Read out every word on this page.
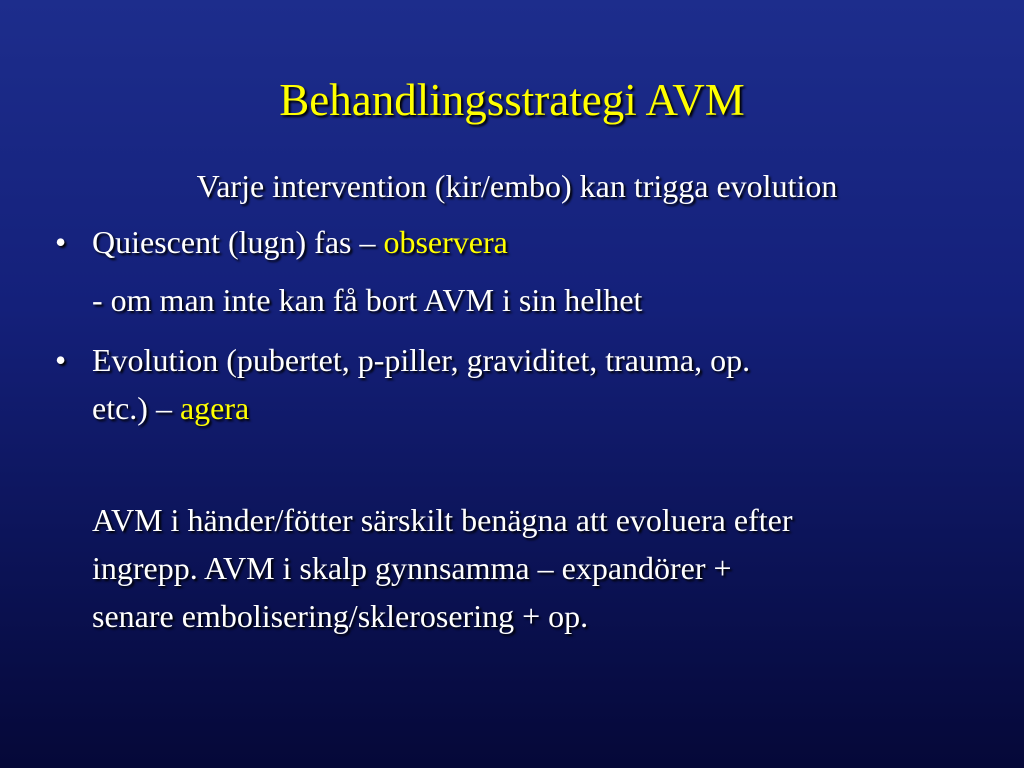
Behandlingsstrategi AVM
Varje intervention (kir/embo) kan trigga evolution
• Quiescent (lugn) fas – observera
- om man inte kan få bort AVM i sin helhet
• Evolution (pubertet, p-piller, graviditet, trauma, op.
etc.) – agera
AVM i händer/fötter särskilt benägna att evoluera efter
ingrepp. AVM i skalp gynnsamma – expandörer +
senare embolisering/sklerosering + op.
